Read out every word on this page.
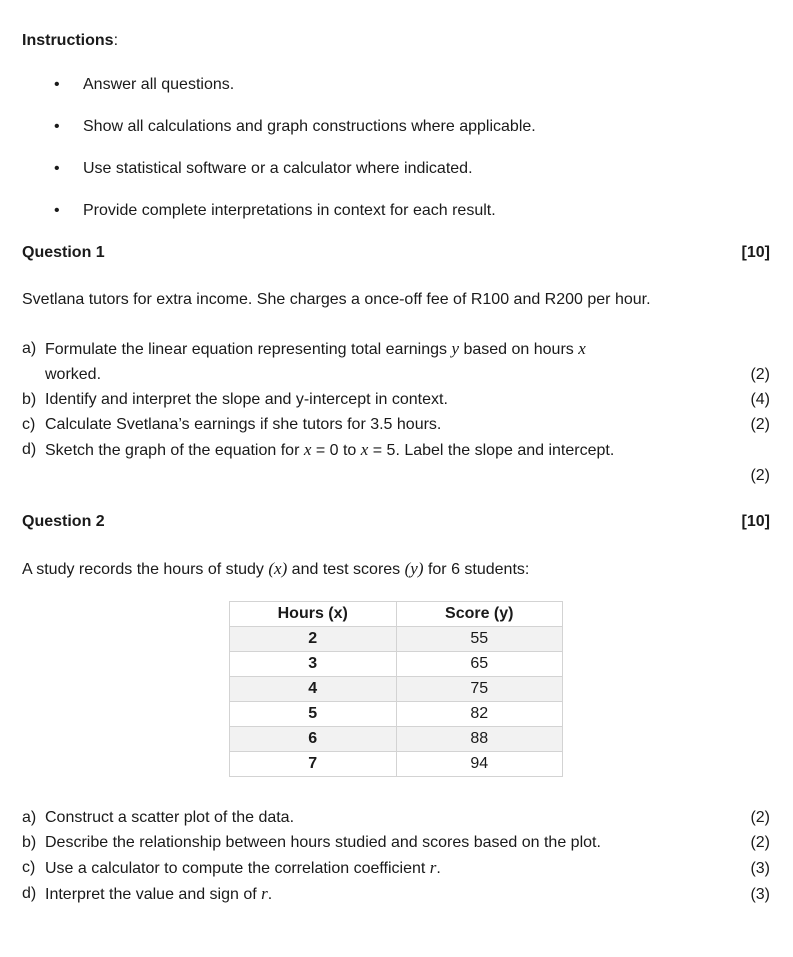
Instructions:
•	Answer all questions.
•	Show all calculations and graph constructions where applicable.
•	Use statistical software or a calculator where indicated.
•	Provide complete interpretations in context for each result.
Question 1	[10]

Svetlana tutors for extra income. She charges a once-off fee of R100 and R200 per hour.

a) Formulate the linear equation representing total earnings y based on hours x
worked.	(2)
b) Identify and interpret the slope and y-intercept in context.	(4)
c) Calculate Svetlana’s earnings if she tutors for 3.5 hours.	(2)
d) Sketch the graph of the equation for x = 0 to x = 5. Label the slope and intercept.
(2)
Question 2	[10]

A study records the hours of study (x) and test scores (y) for 6 students:

Hours (x)	Score (y)
2	55
3	65
4	75
5	82
6	88
7	94
a) Construct a scatter plot of the data.	(2)
b) Describe the relationship between hours studied and scores based on the plot.	(2)
c) Use a calculator to compute the correlation coefficient r.	(3)
d) Interpret the value and sign of r.	(3)
